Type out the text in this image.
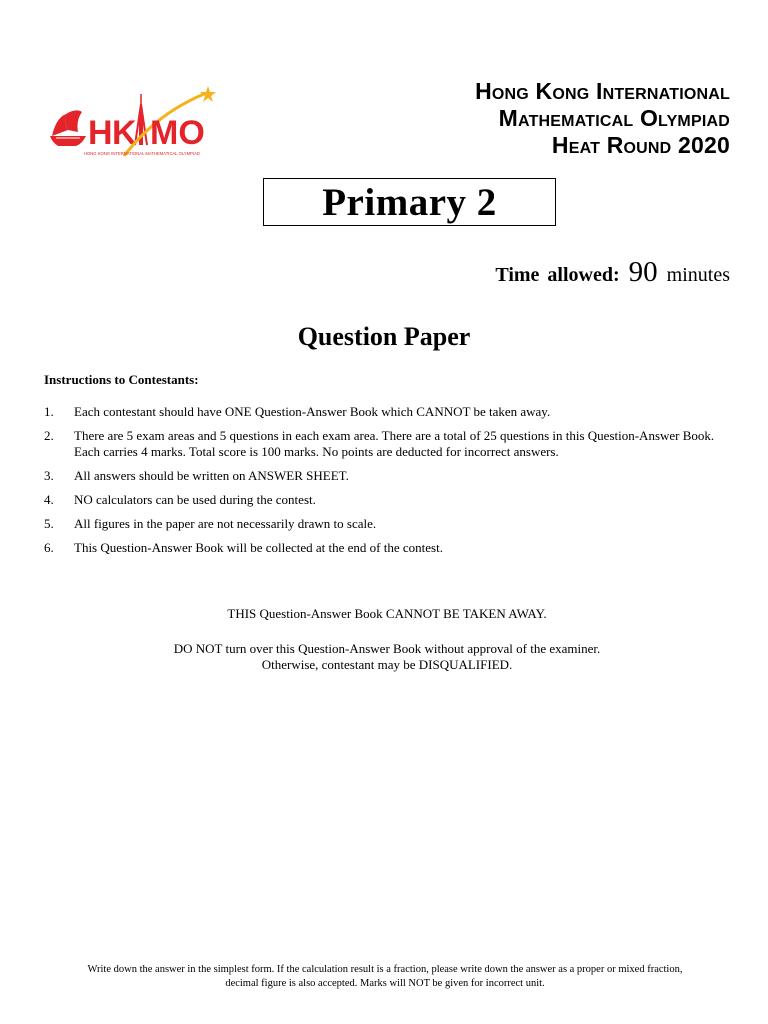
H K MO
HONG KONG INTERNATIONAL MATHEMATICAL OLYMPIAD
Hong Kong International
Mathematical Olympiad
Heat Round 2020
Primary 2
Time allowed: 90 minutes
Question Paper
Instructions to Contestants:
1.	Each contestant should have ONE Question-Answer Book which CANNOT be taken away.
2.	There are 5 exam areas and 5 questions in each exam area. There are a total of 25 questions in this Question-Answer Book. Each carries 4 marks. Total score is 100 marks. No points are deducted for incorrect answers.
3.	All answers should be written on ANSWER SHEET.
4.	NO calculators can be used during the contest.
5.	All figures in the paper are not necessarily drawn to scale.
6.	This Question-Answer Book will be collected at the end of the contest.
THIS Question-Answer Book CANNOT BE TAKEN AWAY.
DO NOT turn over this Question-Answer Book without approval of the examiner.
Otherwise, contestant may be DISQUALIFIED.
Write down the answer in the simplest form. If the calculation result is a fraction, please write down the answer as a proper or mixed fraction,
decimal figure is also accepted. Marks will NOT be given for incorrect unit.
